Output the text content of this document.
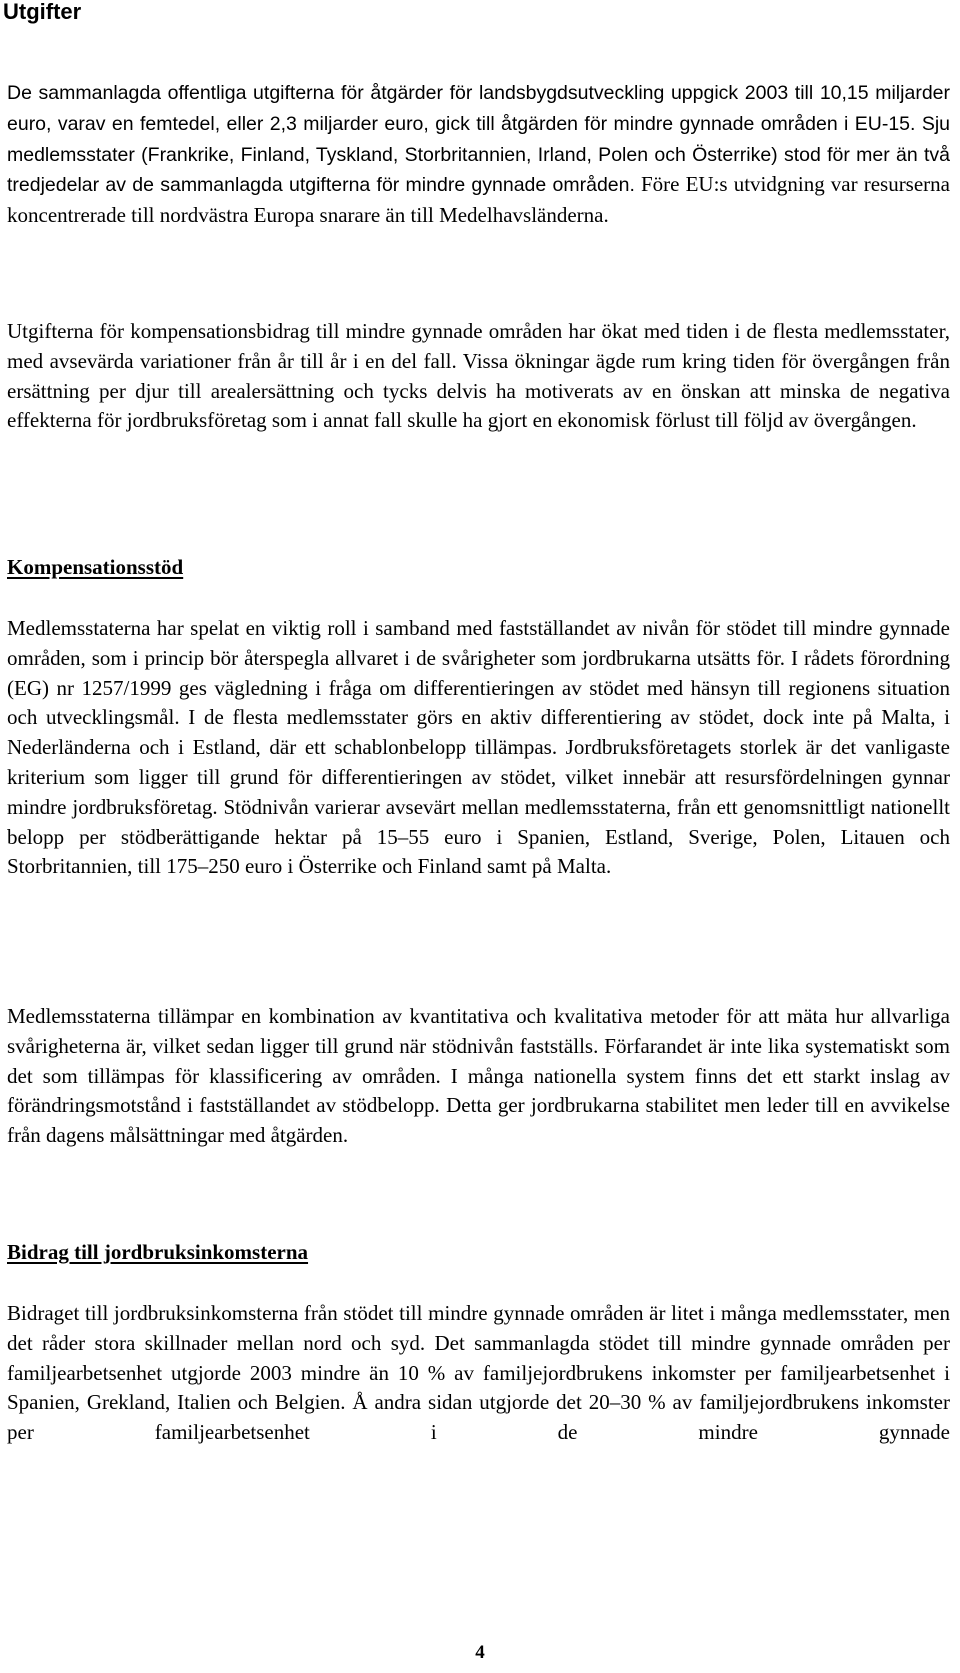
Utgifter

De sammanlagda offentliga utgifterna för åtgärder för landsbygdsutveckling uppgick 2003 till 10,15 miljarder euro, varav en femtedel, eller 2,3 miljarder euro, gick till åtgärden för mindre gynnade områden i EU-15. Sju medlemsstater (Frankrike, Finland, Tyskland, Storbritannien, Irland, Polen och Österrike) stod för mer än två tredjedelar av de sammanlagda utgifterna för mindre gynnade områden. Före EU:s utvidgning var resurserna koncentrerade till nordvästra Europa snarare än till Medelhavsländerna.

Utgifterna för kompensationsbidrag till mindre gynnade områden har ökat med tiden i de flesta medlemsstater, med avsevärda variationer från år till år i en del fall. Vissa ökningar ägde rum kring tiden för övergången från ersättning per djur till arealersättning och tycks delvis ha motiverats av en önskan att minska de negativa effekterna för jordbruksföretag som i annat fall skulle ha gjort en ekonomisk förlust till följd av övergången.

Kompensationsstöd

Medlemsstaterna har spelat en viktig roll i samband med fastställandet av nivån för stödet till mindre gynnade områden, som i princip bör återspegla allvaret i de svårigheter som jordbrukarna utsätts för. I rådets förordning (EG) nr 1257/1999 ges vägledning i fråga om differentieringen av stödet med hänsyn till regionens situation och utvecklingsmål. I de flesta medlemsstater görs en aktiv differentiering av stödet, dock inte på Malta, i Nederländerna och i Estland, där ett schablonbelopp tillämpas. Jordbruksföretagets storlek är det vanligaste kriterium som ligger till grund för differentieringen av stödet, vilket innebär att resursfördelningen gynnar mindre jordbruksföretag. Stödnivån varierar avsevärt mellan medlemsstaterna, från ett genomsnittligt nationellt belopp per stödberättigande hektar på 15–55 euro i Spanien, Estland, Sverige, Polen, Litauen och Storbritannien, till 175–250 euro i Österrike och Finland samt på Malta.

Medlemsstaterna tillämpar en kombination av kvantitativa och kvalitativa metoder för att mäta hur allvarliga svårigheterna är, vilket sedan ligger till grund när stödnivån fastställs. Förfarandet är inte lika systematiskt som det som tillämpas för klassificering av områden. I många nationella system finns det ett starkt inslag av förändringsmotstånd i fastställandet av stödbelopp. Detta ger jordbrukarna stabilitet men leder till en avvikelse från dagens målsättningar med åtgärden.

Bidrag till jordbruksinkomsterna

Bidraget till jordbruksinkomsterna från stödet till mindre gynnade områden är litet i många medlemsstater, men det råder stora skillnader mellan nord och syd. Det sammanlagda stödet till mindre gynnade områden per familjearbetsenhet utgjorde 2003 mindre än 10 % av familjejordbrukens inkomster per familjearbetsenhet i Spanien, Grekland, Italien och Belgien. Å andra sidan utgjorde det 20–30 % av familjejordbrukens inkomster per familjearbetsenhet i de mindre gynnade

4
